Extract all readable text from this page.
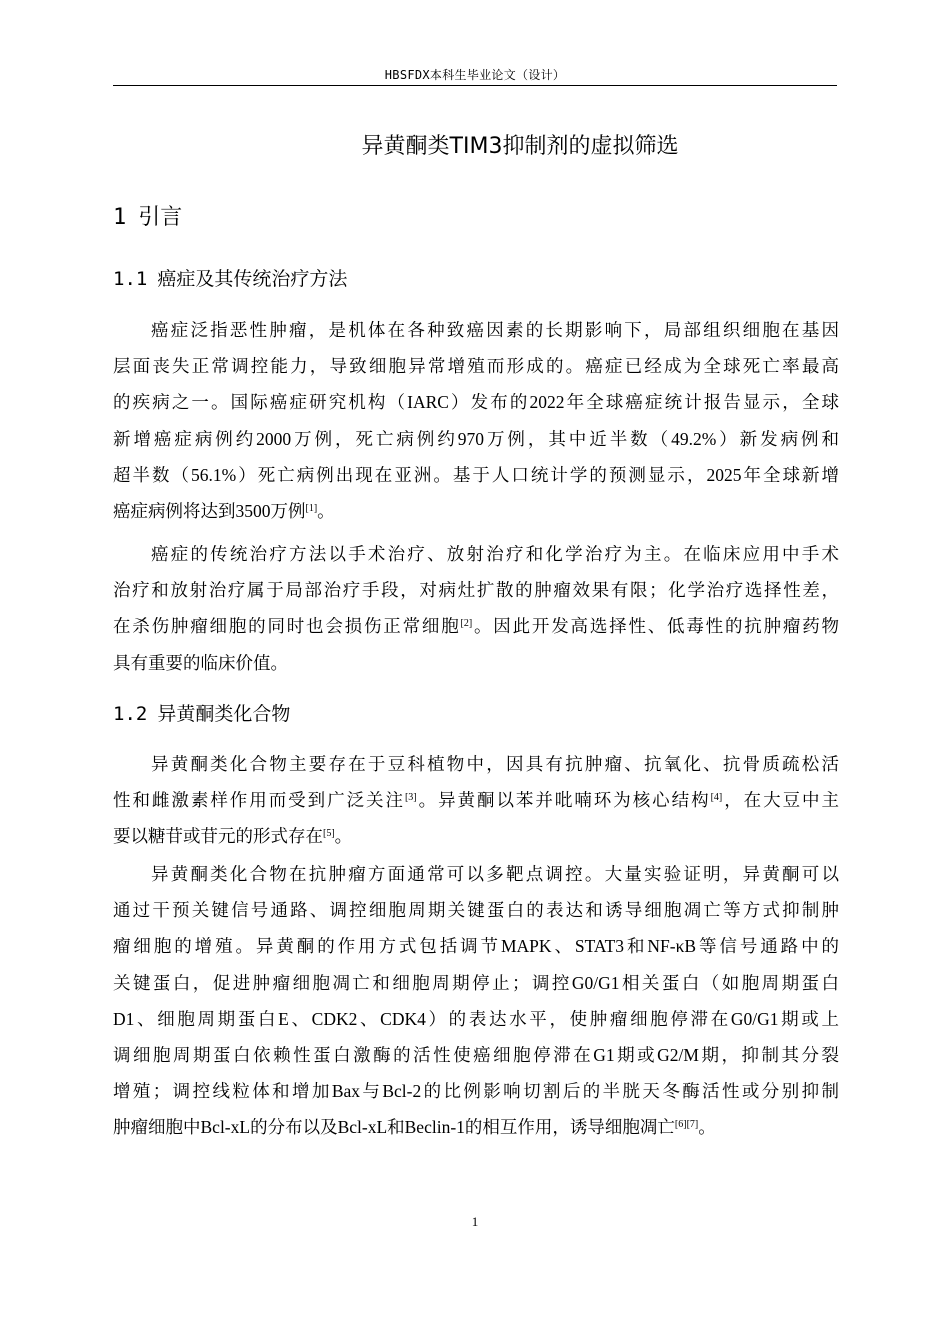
HBSFDX本科生毕业论文（设计）
异黄酮类TIM3抑制剂的虚拟筛选
1 引言
1.1 癌症及其传统治疗方法

癌症泛指恶性肿瘤，是机体在各种致癌因素的长期影响下，局部组织细胞在基因
层面丧失正常调控能力，导致细胞异常增殖而形成的。癌症已经成为全球死亡率最高
的疾病之一。国际癌症研究机构（IARC）发布的2022年全球癌症统计报告显示，全球
新增癌症病例约2000万例，死亡病例约970万例，其中近半数（49.2%）新发病例和
超半数（56.1%）死亡病例出现在亚洲。基于人口统计学的预测显示，2025年全球新增
癌症病例将达到3500万例[1]。

癌症的传统治疗方法以手术治疗、放射治疗和化学治疗为主。在临床应用中手术
治疗和放射治疗属于局部治疗手段，对病灶扩散的肿瘤效果有限；化学治疗选择性差，
在杀伤肿瘤细胞的同时也会损伤正常细胞[2]。因此开发高选择性、低毒性的抗肿瘤药物
具有重要的临床价值。

1.2 异黄酮类化合物

异黄酮类化合物主要存在于豆科植物中，因具有抗肿瘤、抗氧化、抗骨质疏松活
性和雌激素样作用而受到广泛关注[3]。异黄酮以苯并吡喃环为核心结构[4]，在大豆中主
要以糖苷或苷元的形式存在[5]。

异黄酮类化合物在抗肿瘤方面通常可以多靶点调控。大量实验证明，异黄酮可以
通过干预关键信号通路、调控细胞周期关键蛋白的表达和诱导细胞凋亡等方式抑制肿
瘤细胞的增殖。异黄酮的作用方式包括调节MAPK、STAT3和NF-κB等信号通路中的
关键蛋白，促进肿瘤细胞凋亡和细胞周期停止；调控G0/G1相关蛋白（如胞周期蛋白
D1、细胞周期蛋白E、CDK2、CDK4）的表达水平，使肿瘤细胞停滞在G0/G1期或上
调细胞周期蛋白依赖性蛋白激酶的活性使癌细胞停滞在G1期或G2/M期，抑制其分裂
增殖；调控线粒体和增加Bax与Bcl-2的比例影响切割后的半胱天冬酶活性或分别抑制
肿瘤细胞中Bcl-xL的分布以及Bcl-xL和Beclin-1的相互作用，诱导细胞凋亡[6][7]。

1
